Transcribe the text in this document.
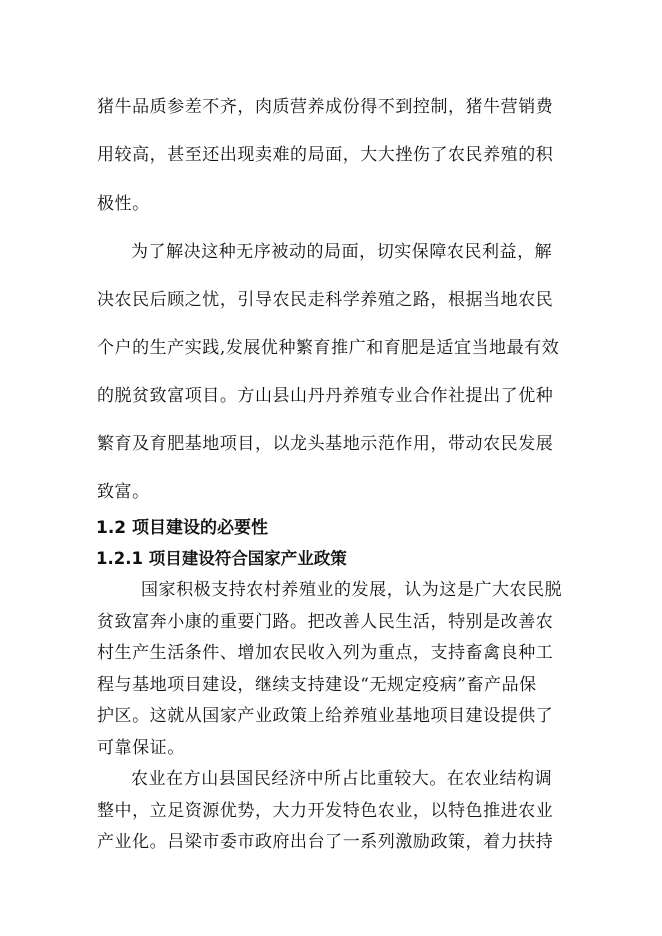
猪牛品质参差不齐，肉质营养成份得不到控制，猪牛营销费
用较高，甚至还出现卖难的局面，大大挫伤了农民养殖的积
极性。
为了解决这种无序被动的局面，切实保障农民利益，解
决农民后顾之忧，引导农民走科学养殖之路，根据当地农民
个户的生产实践,发展优种繁育推广和育肥是适宜当地最有效
的脱贫致富项目。方山县山丹丹养殖专业合作社提出了优种
繁育及育肥基地项目，以龙头基地示范作用，带动农民发展
致富。
1.2 项目建设的必要性
1.2.1 项目建设符合国家产业政策
国家积极支持农村养殖业的发展，认为这是广大农民脱
贫致富奔小康的重要门路。把改善人民生活，特别是改善农
村生产生活条件、增加农民收入列为重点，支持畜禽良种工
程与基地项目建设，继续支持建设“无规定疫病”畜产品保
护区。这就从国家产业政策上给养殖业基地项目建设提供了
可靠保证。
农业在方山县国民经济中所占比重较大。在农业结构调
整中，立足资源优势，大力开发特色农业，以特色推进农业
产业化。吕梁市委市政府出台了一系列激励政策，着力扶持
